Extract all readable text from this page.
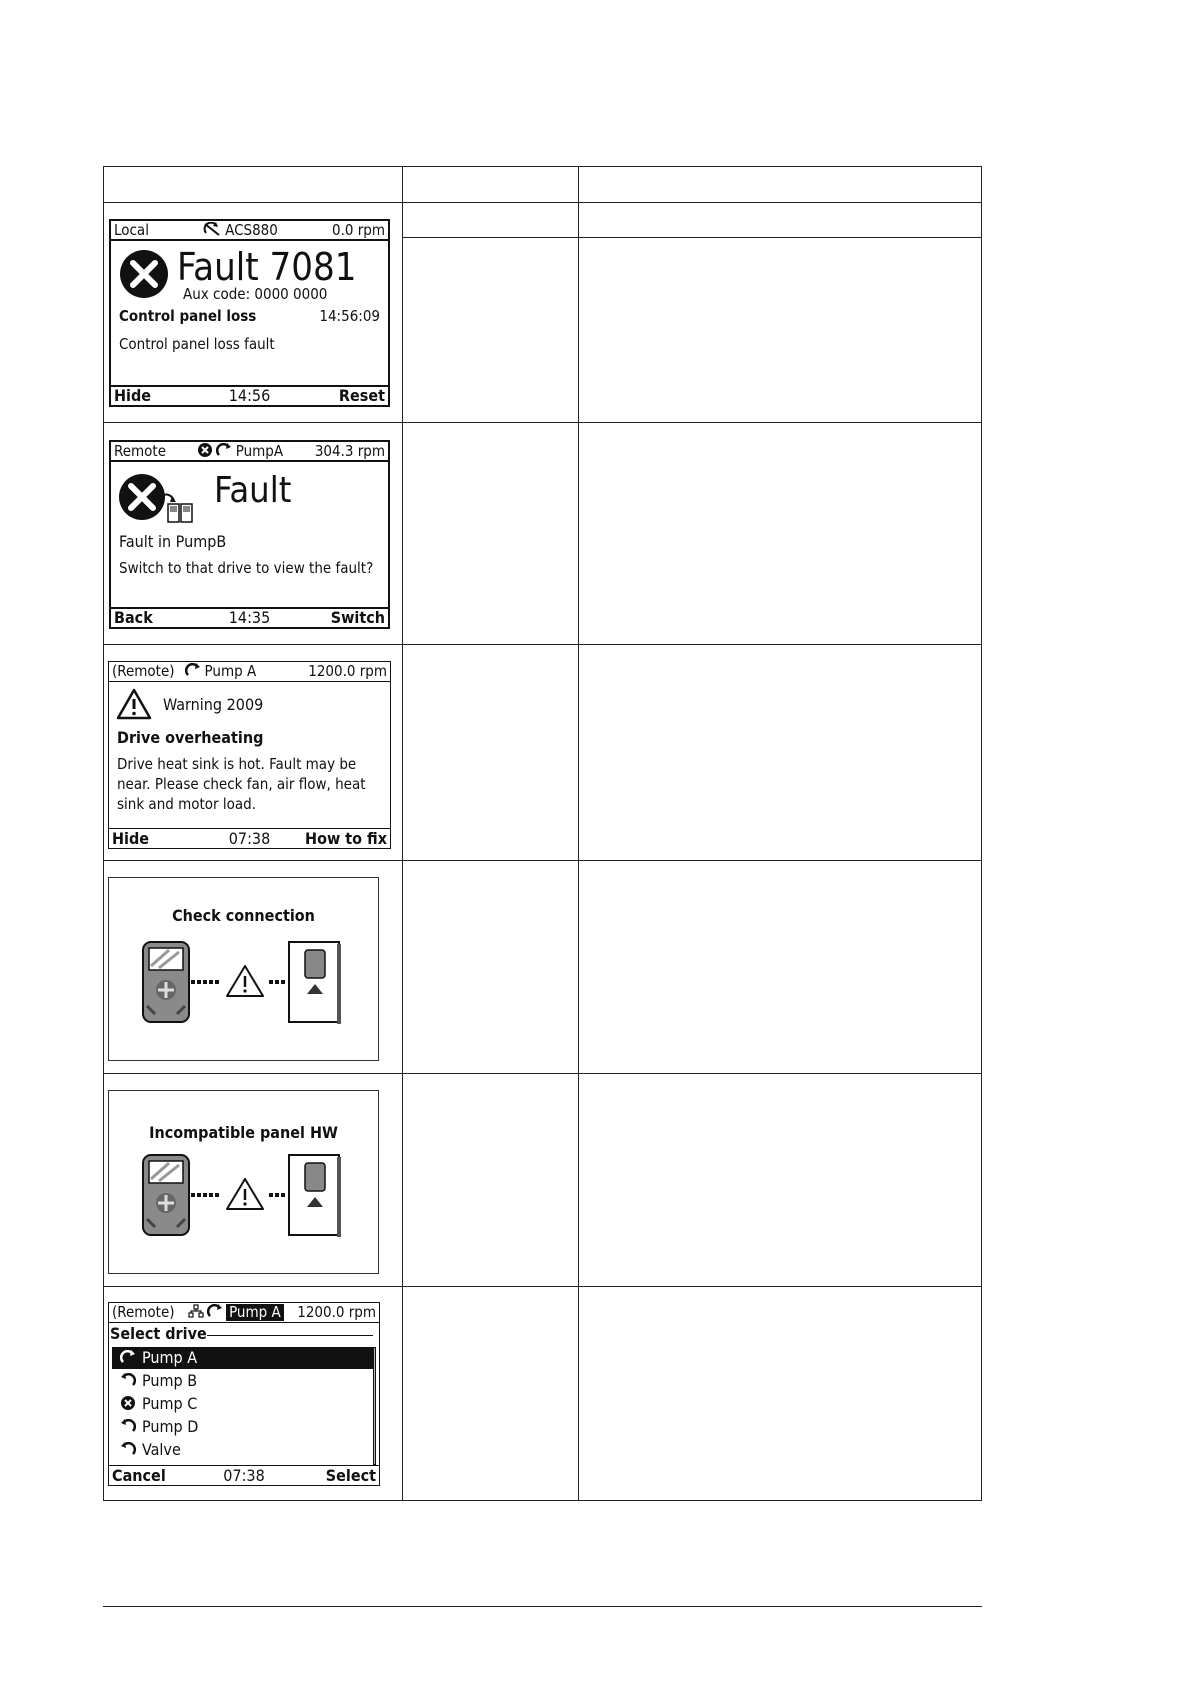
Local	ACS880	0.0 rpm
Fault 7081
Aux code: 0000 0000
Control panel loss	14:56:09
Control panel loss fault
Hide	14:56	Reset
Remote	PumpA 304.3 rpm
Fault
Fault in PumpB
Switch to that drive to view the fault?
Back	14:35	Switch
(Remote) Pump A	1200.0 rpm
Warning 2009
Drive overheating
Drive heat sink is hot. Fault may be
near. Please check fan, air flow, heat
sink and motor load.
Hide	07:38	How to fix
Check connection
Incompatible panel HW
(Remote)	Pump A 1200.0 rpm
Select drive
Pump A
Pump B
Pump C
Pump D
Valve
Cancel	07:38	Select
